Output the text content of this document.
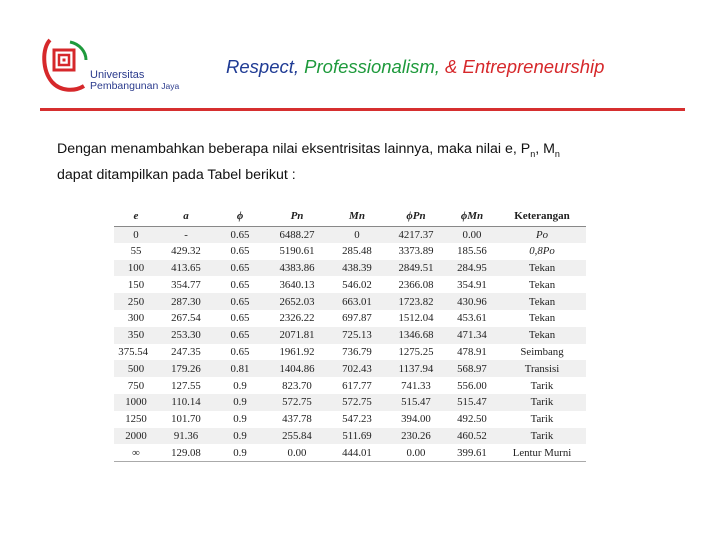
Universitas
Pembangunan Jaya
Respect, Professionalism, & Entrepreneurship
Dengan menambahkan beberapa nilai eksentrisitas lainnya, maka nilai e, $P_n$, $M_n$
dapat ditampilkan pada Tabel berikut :
e	a	ϕ	Pn	Mn	ϕPn	ϕMn	Keterangan
0	-	0.65	6488.27	0	4217.37	0.00	Po
55	429.32	0.65	5190.61	285.48	3373.89	185.56	0,8Po
100	413.65	0.65	4383.86	438.39	2849.51	284.95	Tekan
150	354.77	0.65	3640.13	546.02	2366.08	354.91	Tekan
250	287.30	0.65	2652.03	663.01	1723.82	430.96	Tekan
300	267.54	0.65	2326.22	697.87	1512.04	453.61	Tekan
350	253.30	0.65	2071.81	725.13	1346.68	471.34	Tekan
375.54	247.35	0.65	1961.92	736.79	1275.25	478.91	Seimbang
500	179.26	0.81	1404.86	702.43	1137.94	568.97	Transisi
750	127.55	0.9	823.70	617.77	741.33	556.00	Tarik
1000	110.14	0.9	572.75	572.75	515.47	515.47	Tarik
1250	101.70	0.9	437.78	547.23	394.00	492.50	Tarik
2000	91.36	0.9	255.84	511.69	230.26	460.52	Tarik
∞	129.08	0.9	0.00	444.01	0.00	399.61	Lentur Murni
